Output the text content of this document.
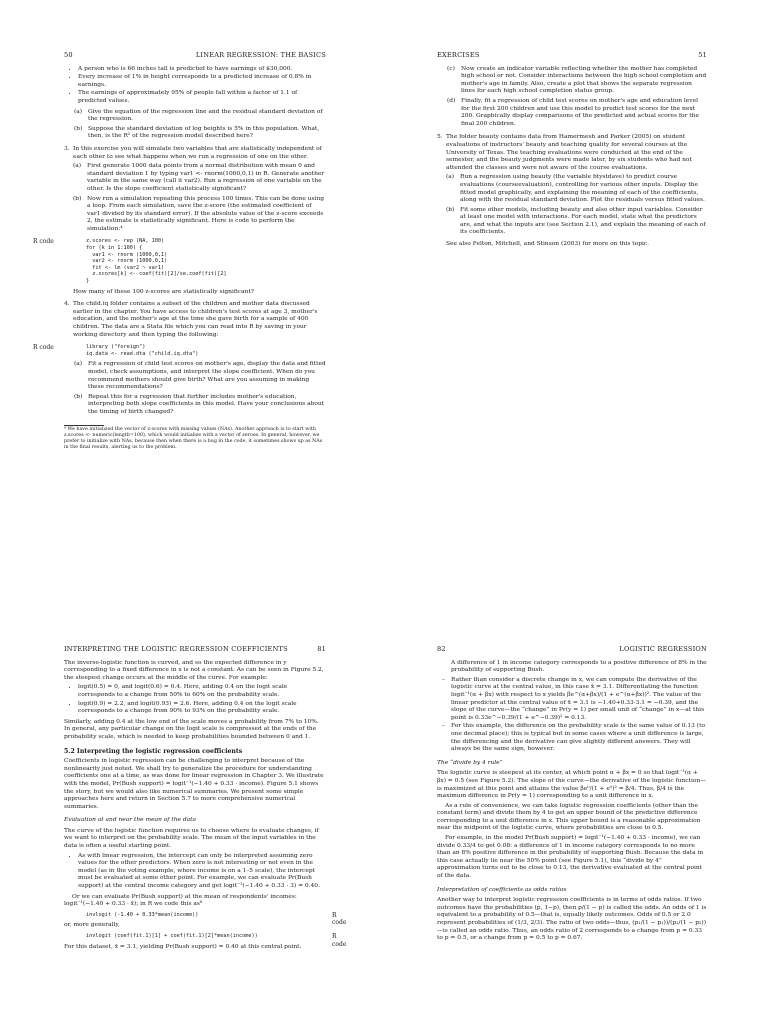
50	LINEAR REGRESSION: THE BASICS
• A person who is 66 inches tall is predicted to have earnings of $30,000.
• Every increase of 1% in height corresponds to a predicted increase of 0.8% in earnings.
• The earnings of approximately 95% of people fall within a factor of 1.1 of predicted values.
(a) Give the equation of the regression line and the residual standard deviation of the regression.
(b) Suppose the standard deviation of log heights is 5% in this population. What, then, is the R² of the regression model described here?
3. In this exercise you will simulate two variables that are statistically independent of each other to see what happens when we run a regression of one on the other.

(a) First generate 1000 data points from a normal distribution with mean 0 and standard deviation 1 by typing var1 <- rnorm(1000,0,1) in R. Generate another variable in the same way (call it var2). Run a regression of one variable on the other. Is the slope coefficient statistically significant?
(b) Now run a simulation repeating this process 100 times. This can be done using a loop. From each simulation, save the z-score (the estimated coefficient of var1 divided by its standard error). If the absolute value of the z-score exceeds 2, the estimate is statistically significant. Here is code to perform the simulation:⁴
R code	z.scores <- rep (NA, 100)
for (k in 1:100) {
var1 <- rnorm (1000,0,1)
var2 <- rnorm (1000,0,1)
fit <- lm (var2 ~ var1)
z.scores[k] <- coef(fit)[2]/se.coef(fit)[2]
}

How many of these 100 z-scores are statistically significant?

4. The child.iq folder contains a subset of the children and mother data discussed earlier in the chapter. You have access to children's test scores at age 3, mother's education, and the mother's age at the time she gave birth for a sample of 400 children. The data are a Stata file which you can read into R by saving in your working directory and then typing the following:

R code	library ("foreign")
iq.data <- read.dta ("child.iq.dta")
(a) Fit a regression of child test scores on mother's age, display the data and fitted model, check assumptions, and interpret the slope coefficient. When do you recommend mothers should give birth? What are you assuming in making these recommendations?
(b) Repeat this for a regression that further includes mother's education, interpreting both slope coefficients in this model. Have your conclusions about the timing of birth changed?

⁴ We have initialized the vector of z-scores with missing values (NAs). Another approach is to start with z.scores <- numeric(length=100), which would initialize with a vector of zeroes. In general, however, we prefer to initialize with NAs, because then when there is a bug in the code, it sometimes shows up as NAs in the final results, alerting us to the problem.

EXERCISES	51
(c)	Now create an indicator variable reflecting whether the mother has completed high school or not. Consider interactions between the high school completion and mother's age in family. Also, create a plot that shows the separate regression lines for each high school completion status group.
(d) Finally, fit a regression of child test scores on mother's age and education level for the first 200 children and use this model to predict test scores for the next 200. Graphically display comparisons of the predicted and actual scores for the final 200 children.
5. The folder beauty contains data from Hamermesh and Parker (2005) on student evaluations of instructors' beauty and teaching quality for several courses at the University of Texas. The teaching evaluations were conducted at the end of the semester, and the beauty judgments were made later, by six students who had not attended the classes and were not aware of the course evaluations.

(a) Run a regression using beauty (the variable btystdave) to predict course evaluations (courseevaluation), controlling for various other inputs. Display the fitted model graphically, and explaining the meaning of each of the coefficients, along with the residual standard deviation. Plot the residuals versus fitted values.
(b) Fit some other models, including beauty and also other input variables. Consider at least one model with interactions. For each model, state what the predictors are, and what the inputs are (see Section 2.1), and explain the meaning of each of its coefficients.

See also Felton, Mitchell, and Stinson (2003) for more on this topic.

INTERPRETING THE LOGISTIC REGRESSION COEFFICIENTS	81

The inverse-logistic function is curved, and so the expected difference in y corresponding to a fixed difference in x is not a constant. As can be seen in Figure 5.2, the steepest change occurs at the middle of the curve. For example:

• logit(0.5) = 0, and logit(0.6) = 0.4. Here, adding 0.4 on the logit scale corresponds to a change from 50% to 60% on the probability scale.
• logit(0.9) = 2.2, and logit(0.93) = 2.6. Here, adding 0.4 on the logit scale corresponds to a change from 90% to 93% on the probability scale.

Similarly, adding 0.4 at the low end of the scale moves a probability from 7% to 10%. In general, any particular change on the logit scale is compressed at the ends of the probability scale, which is needed to keep probabilities bounded between 0 and 1.

5.2 Interpreting the logistic regression coefficients

Coefficients in logistic regression can be challenging to interpret because of the nonlinearity just noted. We shall try to generalize the procedure for understanding coefficients one at a time, as was done for linear regression in Chapter 3. We illustrate with the model, Pr(Bush support) = logit⁻¹(−1.40 + 0.33 · income). Figure 5.1 shows the story, but we would also like numerical summaries. We present some simple approaches here and return in Section 5.7 to more comprehensive numerical summaries.

Evaluation at and near the mean of the data

The curve of the logistic function requires us to choose where to evaluate changes, if we want to interpret on the probability scale. The mean of the input variables in the data is often a useful starting point.

• As with linear regression, the intercept can only be interpreted assuming zero values for the other predictors. When zero is not interesting or not even in the model (as in the voting example, where income is on a 1–5 scale), the intercept must be evaluated at some other point. For example, we can evaluate Pr(Bush support) at the central income category and get logit⁻¹(−1.40 + 0.33 · 3) = 0.40.

Or we can evaluate Pr(Bush support) at the mean of respondents' incomes: logit⁻¹(−1.40 + 0.33 · x̄); in R we code this as⁸

invlogit (-1.40 + 0.33*mean(income))	R code

or, more generally,

invlogit (coef(fit.1)[1] + coef(fit.1)[2]*mean(income))	R code

For this dataset, x̄ = 3.1, yielding Pr(Bush support) = 0.40 at this central point.

82	LOGISTIC REGRESSION

A difference of 1 in income category corresponds to a positive difference of 8% in the probability of supporting Bush.

– Rather than consider a discrete change in x, we can compute the derivative of the logistic curve at the central value, in this case x̄ = 3.1. Differentiating the function logit⁻¹(α + βx) with respect to x yields βe^(α+βx)/(1 + e^(α+βx))². The value of the linear predictor at the central value of x̄ = 3.1 is −1.40+0.33·3.1 = −0.39, and the slope of the curve—the “change” in Pr(y = 1) per small unit of “change” in x—at this point is 0.33e^−0.39/(1 + e^−0.39)² = 0.13.
– For this example, the difference on the probability scale is the same value of 0.13 (to one decimal place); this is typical but in some cases where a unit difference is large, the differencing and the derivative can give slightly different answers. They will always be the same sign, however.
The “divide by 4 rule”

The logistic curve is steepest at its center, at which point α + βx = 0 so that logit⁻¹(α + βx) = 0.5 (see Figure 5.2). The slope of the curve—the derivative of the logistic function—is maximized at this point and attains the value βe⁰/(1 + e⁰)² = β/4. Thus, β/4 is the maximum difference in Pr(y = 1) corresponding to a unit difference in x.

As a rule of convenience, we can take logistic regression coefficients (other than the constant term) and divide them by 4 to get an upper bound of the predictive difference corresponding to a unit difference in x. This upper bound is a reasonable approximation near the midpoint of the logistic curve, where probabilities are close to 0.5.

For example, in the model Pr(Bush support) = logit⁻¹(−1.40 + 0.33 · income), we can divide 0.33/4 to get 0.08: a difference of 1 in income category corresponds to no more than an 8% positive difference in the probability of supporting Bush. Because the data in this case actually lie near the 50% point (see Figure 5.1), this “divide by 4” approximation turns out to be close to 0.13, the derivative evaluated at the central point of the data.

Interpretation of coefficients as odds ratios

Another way to interpret logistic regression coefficients is in terms of odds ratios. If two outcomes have the probabilities (p, 1−p), then p/(1 − p) is called the odds. An odds of 1 is equivalent to a probability of 0.5—that is, equally likely outcomes. Odds of 0.5 or 2.0 represent probabilities of (1/3, 2/3). The ratio of two odds—thus, (p₁/(1 − p₁))/(p₂/(1 − p₂))—is called an odds ratio. Thus, an odds ratio of 2 corresponds to a change from p = 0.33 to p = 0.5, or a change from p = 0.5 to p = 0.67.
